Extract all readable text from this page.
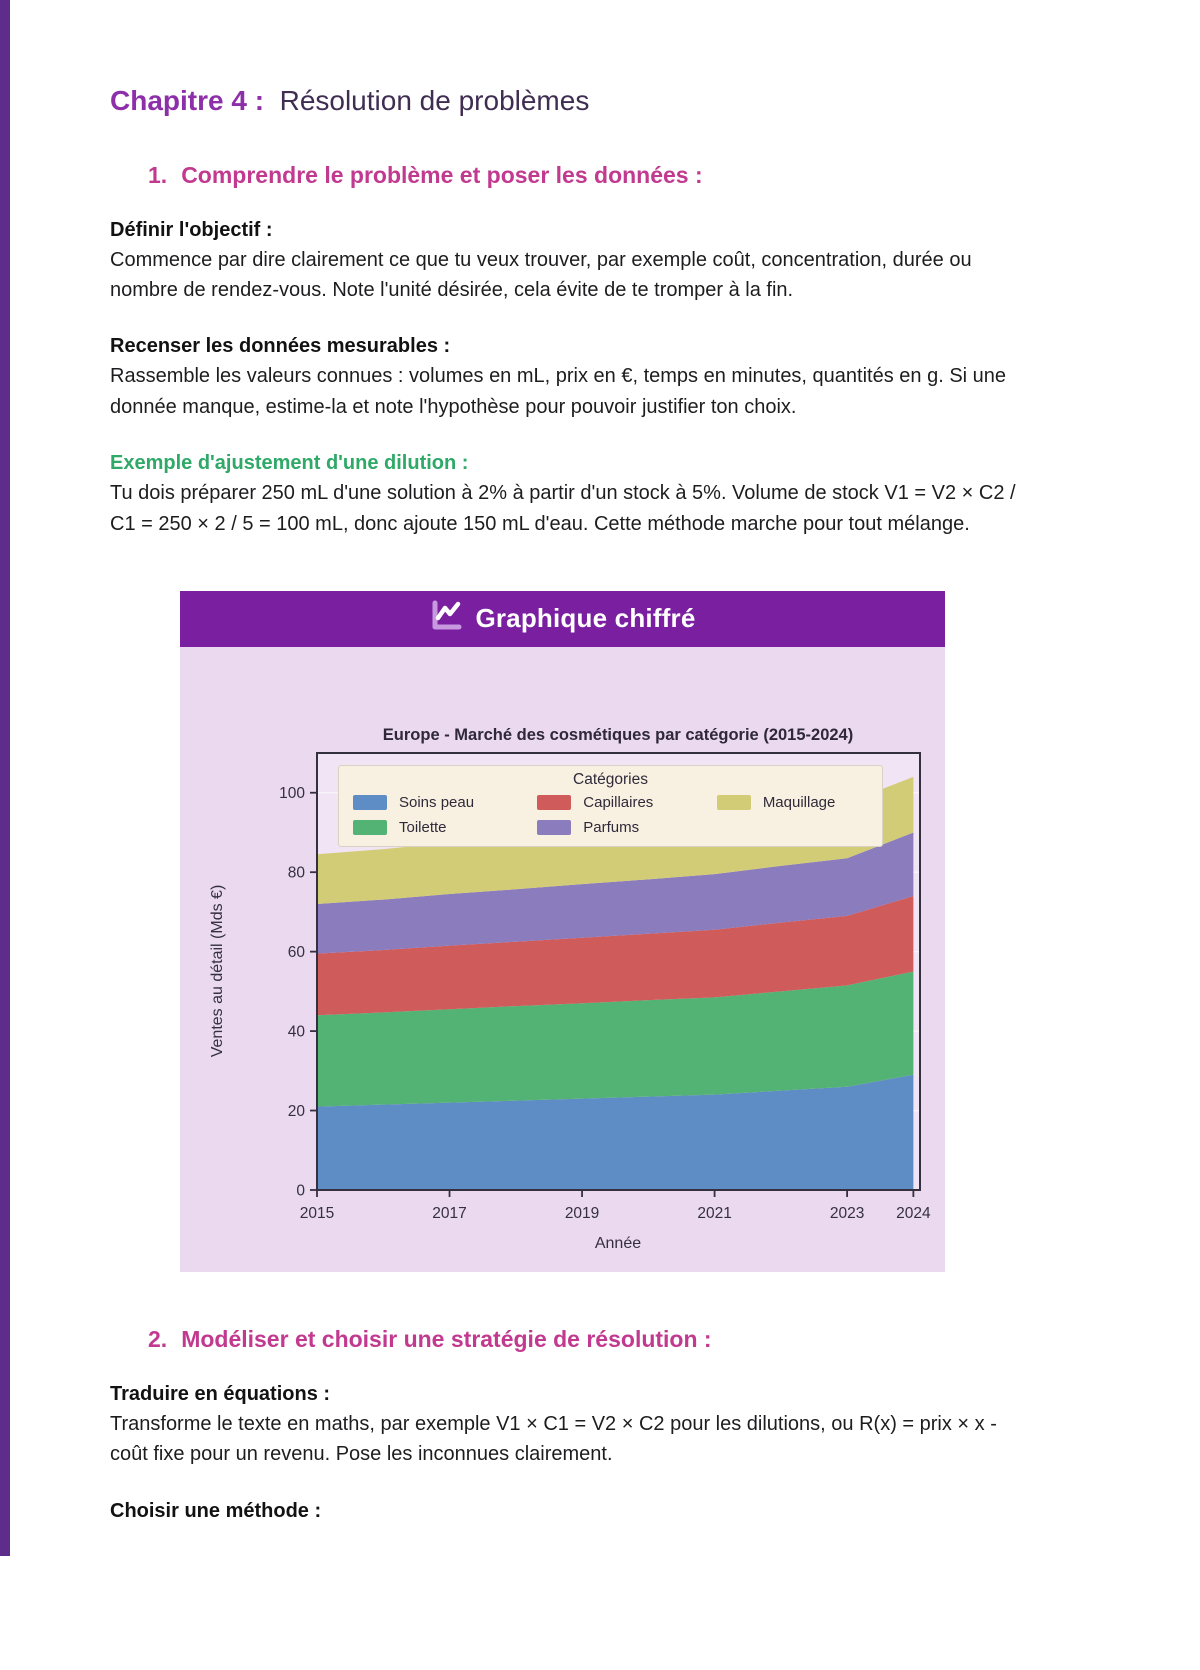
Chapitre 4 : Résolution de problèmes
1. Comprendre le problème et poser les données :

Définir l'objectif :

Commence par dire clairement ce que tu veux trouver, par exemple coût, concentration, durée ou nombre de rendez-vous. Note l'unité désirée, cela évite de te tromper à la fin.

Recenser les données mesurables :

Rassemble les valeurs connues : volumes en mL, prix en €, temps en minutes, quantités en g. Si une donnée manque, estime-la et note l'hypothèse pour pouvoir justifier ton choix.

Exemple d'ajustement d'une dilution :

Tu dois préparer 250 mL d'une solution à 2% à partir d'un stock à 5%. Volume de stock V1 = V2 × C2 / C1 = 250 × 2 / 5 = 100 mL, donc ajoute 150 mL d'eau. Cette méthode marche pour tout mélange.

Graphique chiffré
Europe - Marché des cosmétiques par catégorie (2015-2024)
0
20
40
60
80
100
2015	2017	2019	2021	2023 2024
Année
Ventes au détail (Mds €)
Catégories
Soins peau
Toilette
Capillaires
Parfums
Maquillage
2. Modéliser et choisir une stratégie de résolution :

Traduire en équations :

Transforme le texte en maths, par exemple V1 × C1 = V2 × C2 pour les dilutions, ou R(x) = prix × x - coût fixe pour un revenu. Pose les inconnues clairement.

Choisir une méthode :
